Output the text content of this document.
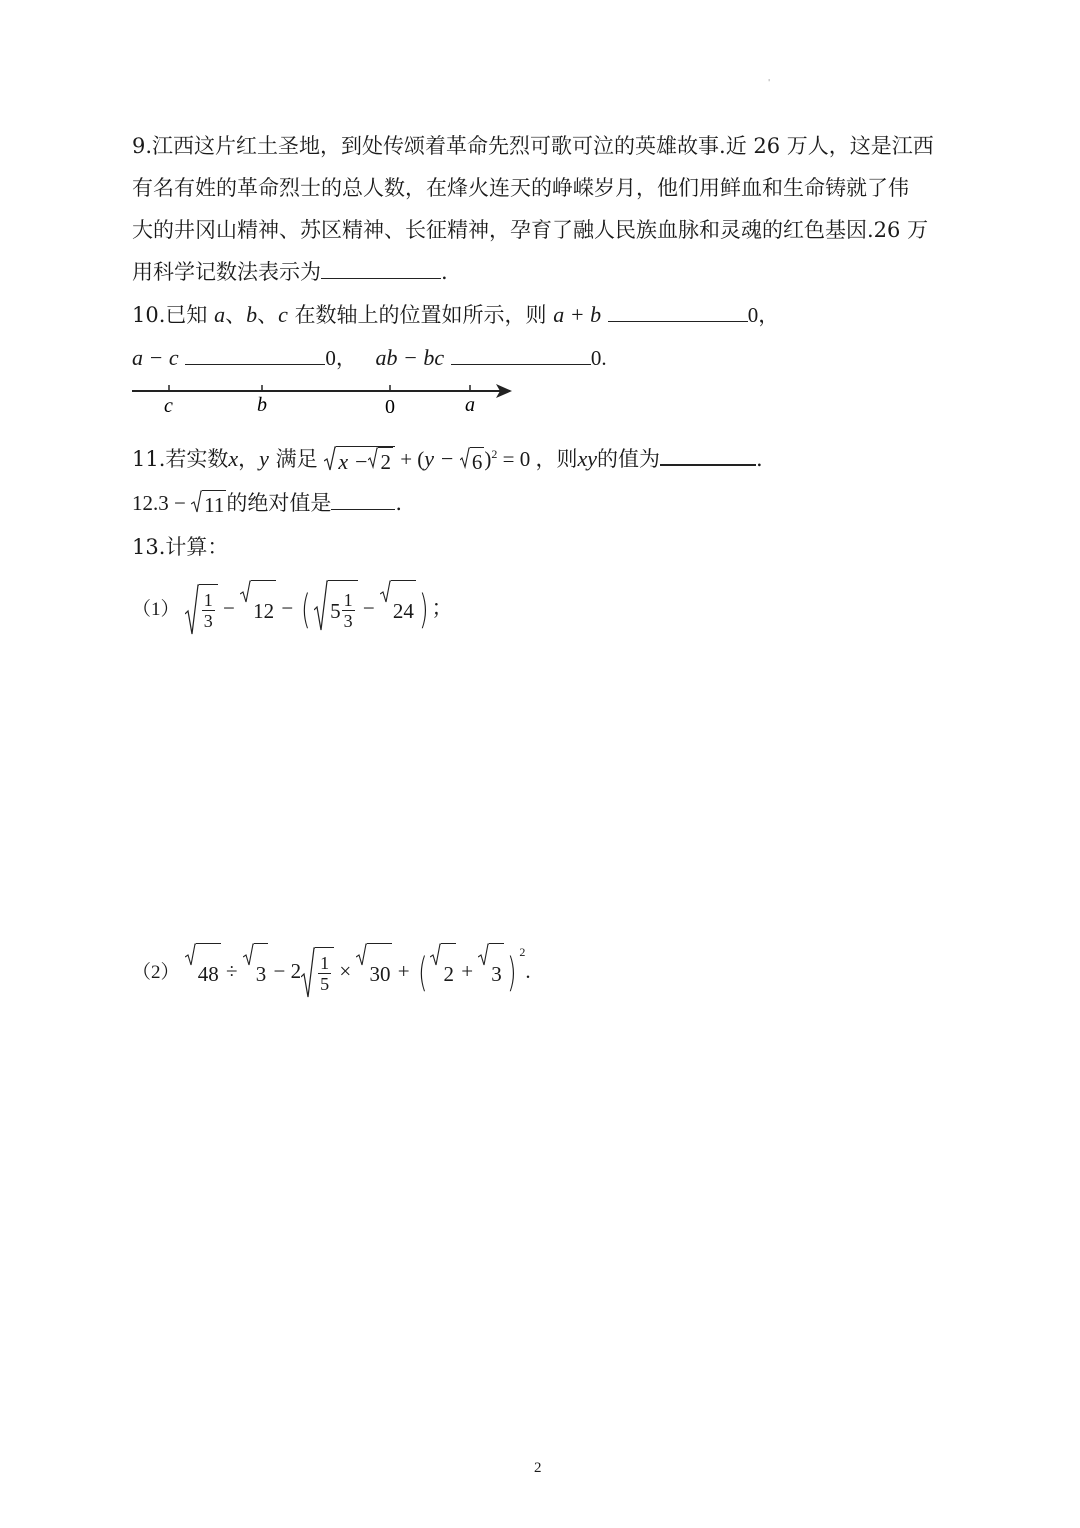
'
9.江西这片红土圣地，到处传颂着革命先烈可歌可泣的英雄故事.近 26 万人，这是江西
有名有姓的革命烈士的总人数，在烽火连天的峥嵘岁月，他们用鲜血和生命铸就了伟
大的井冈山精神、苏区精神、长征精神，孕育了融人民族血脉和灵魂的红色基因.26 万
用科学记数法表示为	.
10.已知 a、b、c 在数轴上的位置如所示，则 a + b	0，
a − c	0， ab − bc	0.
c	b	0	a
11.若实数x，y 满足 x − 2 + (y − 6 )$^2$ = 0 ，则xy的值为	.
12.3 − 11 的绝对值是	.
13.计算：
$(1) \frac{1}{3} - 12$ − ( $5 \frac{1}{3} - 24$ ) ；
（2） $48 \div 3 - 2 \frac{1}{5} \times 30$ + ( 2 + 3 ) $^2$.
2
